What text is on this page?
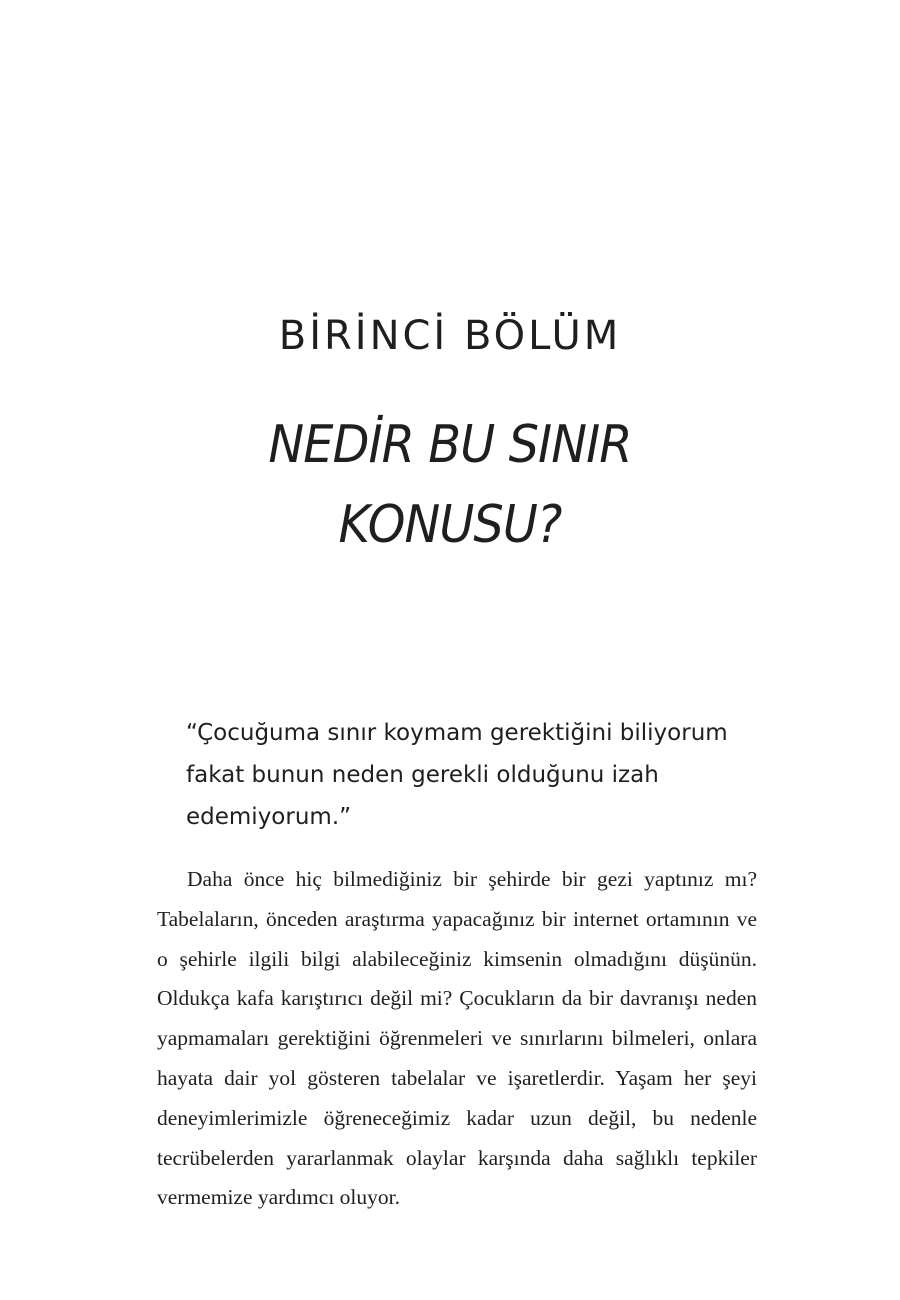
BİRİNCİ BÖLÜM
NEDİR BU SINIR
KONUSU?

“Çocuğuma sınır koymam gerektiğini biliyorum fakat bunun neden gerekli olduğunu izah edemiyorum.”

Daha önce hiç bilmediğiniz bir şehirde bir gezi yaptınız mı? Tabelaların, önceden araştırma yapacağınız bir internet ortamının ve o şehirle ilgili bilgi alabileceğiniz kimsenin olmadığını düşünün. Oldukça kafa karıştırıcı değil mi? Çocukların da bir davranışı neden yapmamaları gerektiğini öğrenmeleri ve sınırlarını bilmeleri, onlara hayata dair yol gösteren tabelalar ve işaretlerdir. Yaşam her şeyi deneyimlerimizle öğreneceğimiz kadar uzun değil, bu nedenle tecrübelerden yararlanmak olaylar karşında daha sağlıklı tepkiler vermemize yardımcı oluyor.
